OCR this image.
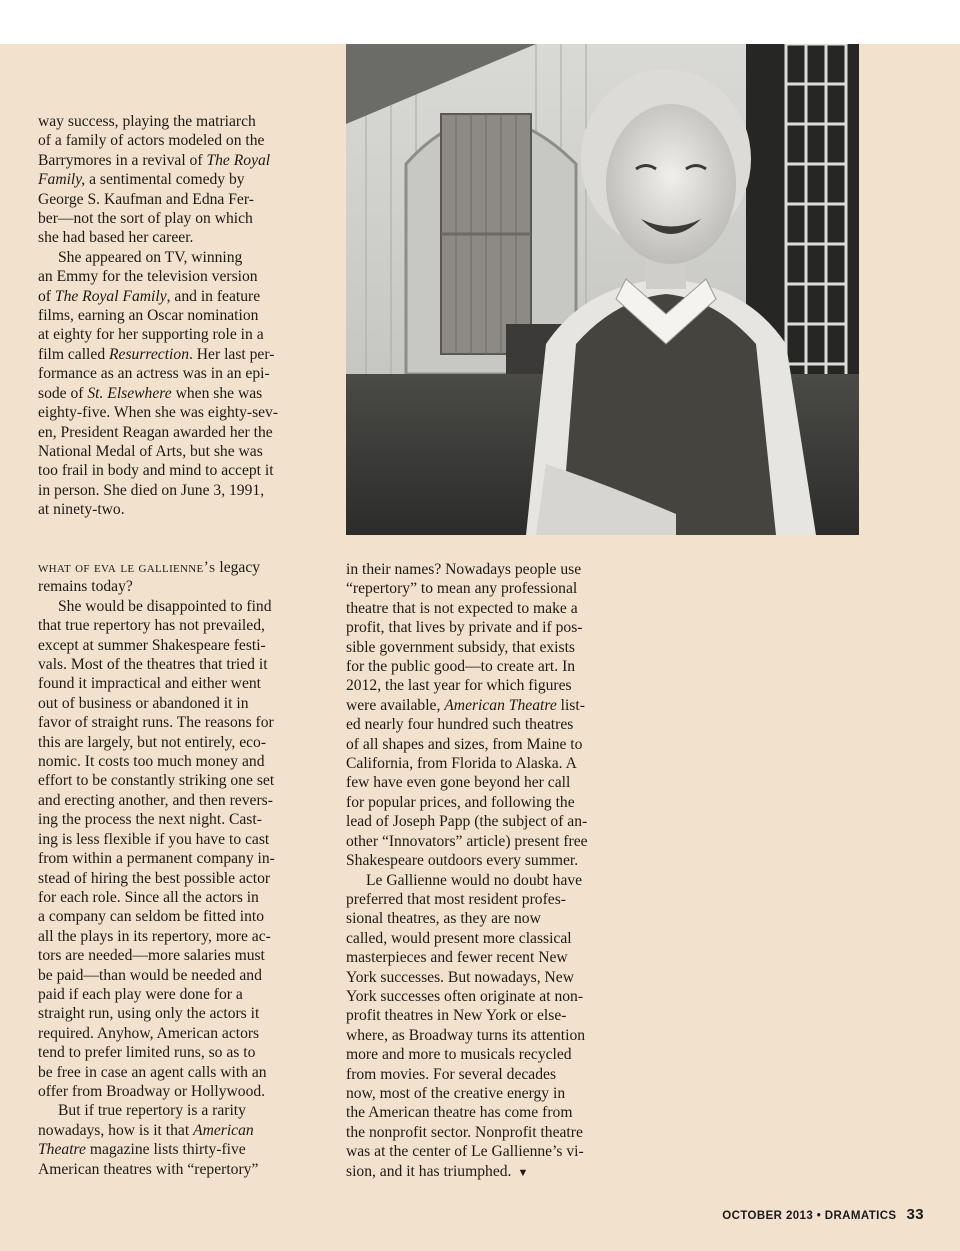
way success, playing the matriarch
of a family of actors modeled on the
Barrymores in a revival of The Royal
Family, a sentimental comedy by
George S. Kaufman and Edna Fer-
ber—not the sort of play on which
she had based her career.

She appeared on TV, winning
an Emmy for the television version
of The Royal Family, and in feature
films, earning an Oscar nomination
at eighty for her supporting role in a
film called Resurrection. Her last per-
formance as an actress was in an epi-
sode of St. Elsewhere when she was
eighty-five. When she was eighty-sev-
en, President Reagan awarded her the
National Medal of Arts, but she was
too frail in body and mind to accept it
in person. She died on June 3, 1991,
at ninety-two.

what of eva le gallienne’s legacy
remains today?

She would be disappointed to find
that true repertory has not prevailed,
except at summer Shakespeare festi-
vals. Most of the theatres that tried it
found it impractical and either went
out of business or abandoned it in
favor of straight runs. The reasons for
this are largely, but not entirely, eco-
nomic. It costs too much money and
effort to be constantly striking one set
and erecting another, and then revers-
ing the process the next night. Cast-
ing is less flexible if you have to cast
from within a permanent company in-
stead of hiring the best possible actor
for each role. Since all the actors in
a company can seldom be fitted into
all the plays in its repertory, more ac-
tors are needed—more salaries must
be paid—than would be needed and
paid if each play were done for a
straight run, using only the actors it
required. Anyhow, American actors
tend to prefer limited runs, so as to
be free in case an agent calls with an
offer from Broadway or Hollywood.

But if true repertory is a rarity
nowadays, how is it that American
Theatre magazine lists thirty-five
American theatres with “repertory”

in their names? Nowadays people use
“repertory” to mean any professional
theatre that is not expected to make a
profit, that lives by private and if pos-
sible government subsidy, that exists
for the public good—to create art. In
2012, the last year for which figures
were available, American Theatre list-
ed nearly four hundred such theatres
of all shapes and sizes, from Maine to
California, from Florida to Alaska. A
few have even gone beyond her call
for popular prices, and following the
lead of Joseph Papp (the subject of an-
other “Innovators” article) present free
Shakespeare outdoors every summer.

Le Gallienne would no doubt have
preferred that most resident profes-
sional theatres, as they are now
called, would present more classical
masterpieces and fewer recent New
York successes. But nowadays, New
York successes often originate at non-
profit theatres in New York or else-
where, as Broadway turns its attention
more and more to musicals recycled
from movies. For several decades
now, most of the creative energy in
the American theatre has come from
the nonprofit sector. Nonprofit theatre
was at the center of Le Gallienne’s vi-
sion, and it has triumphed. ▼

OCTOBER 2013 • DRAMATICS 33
